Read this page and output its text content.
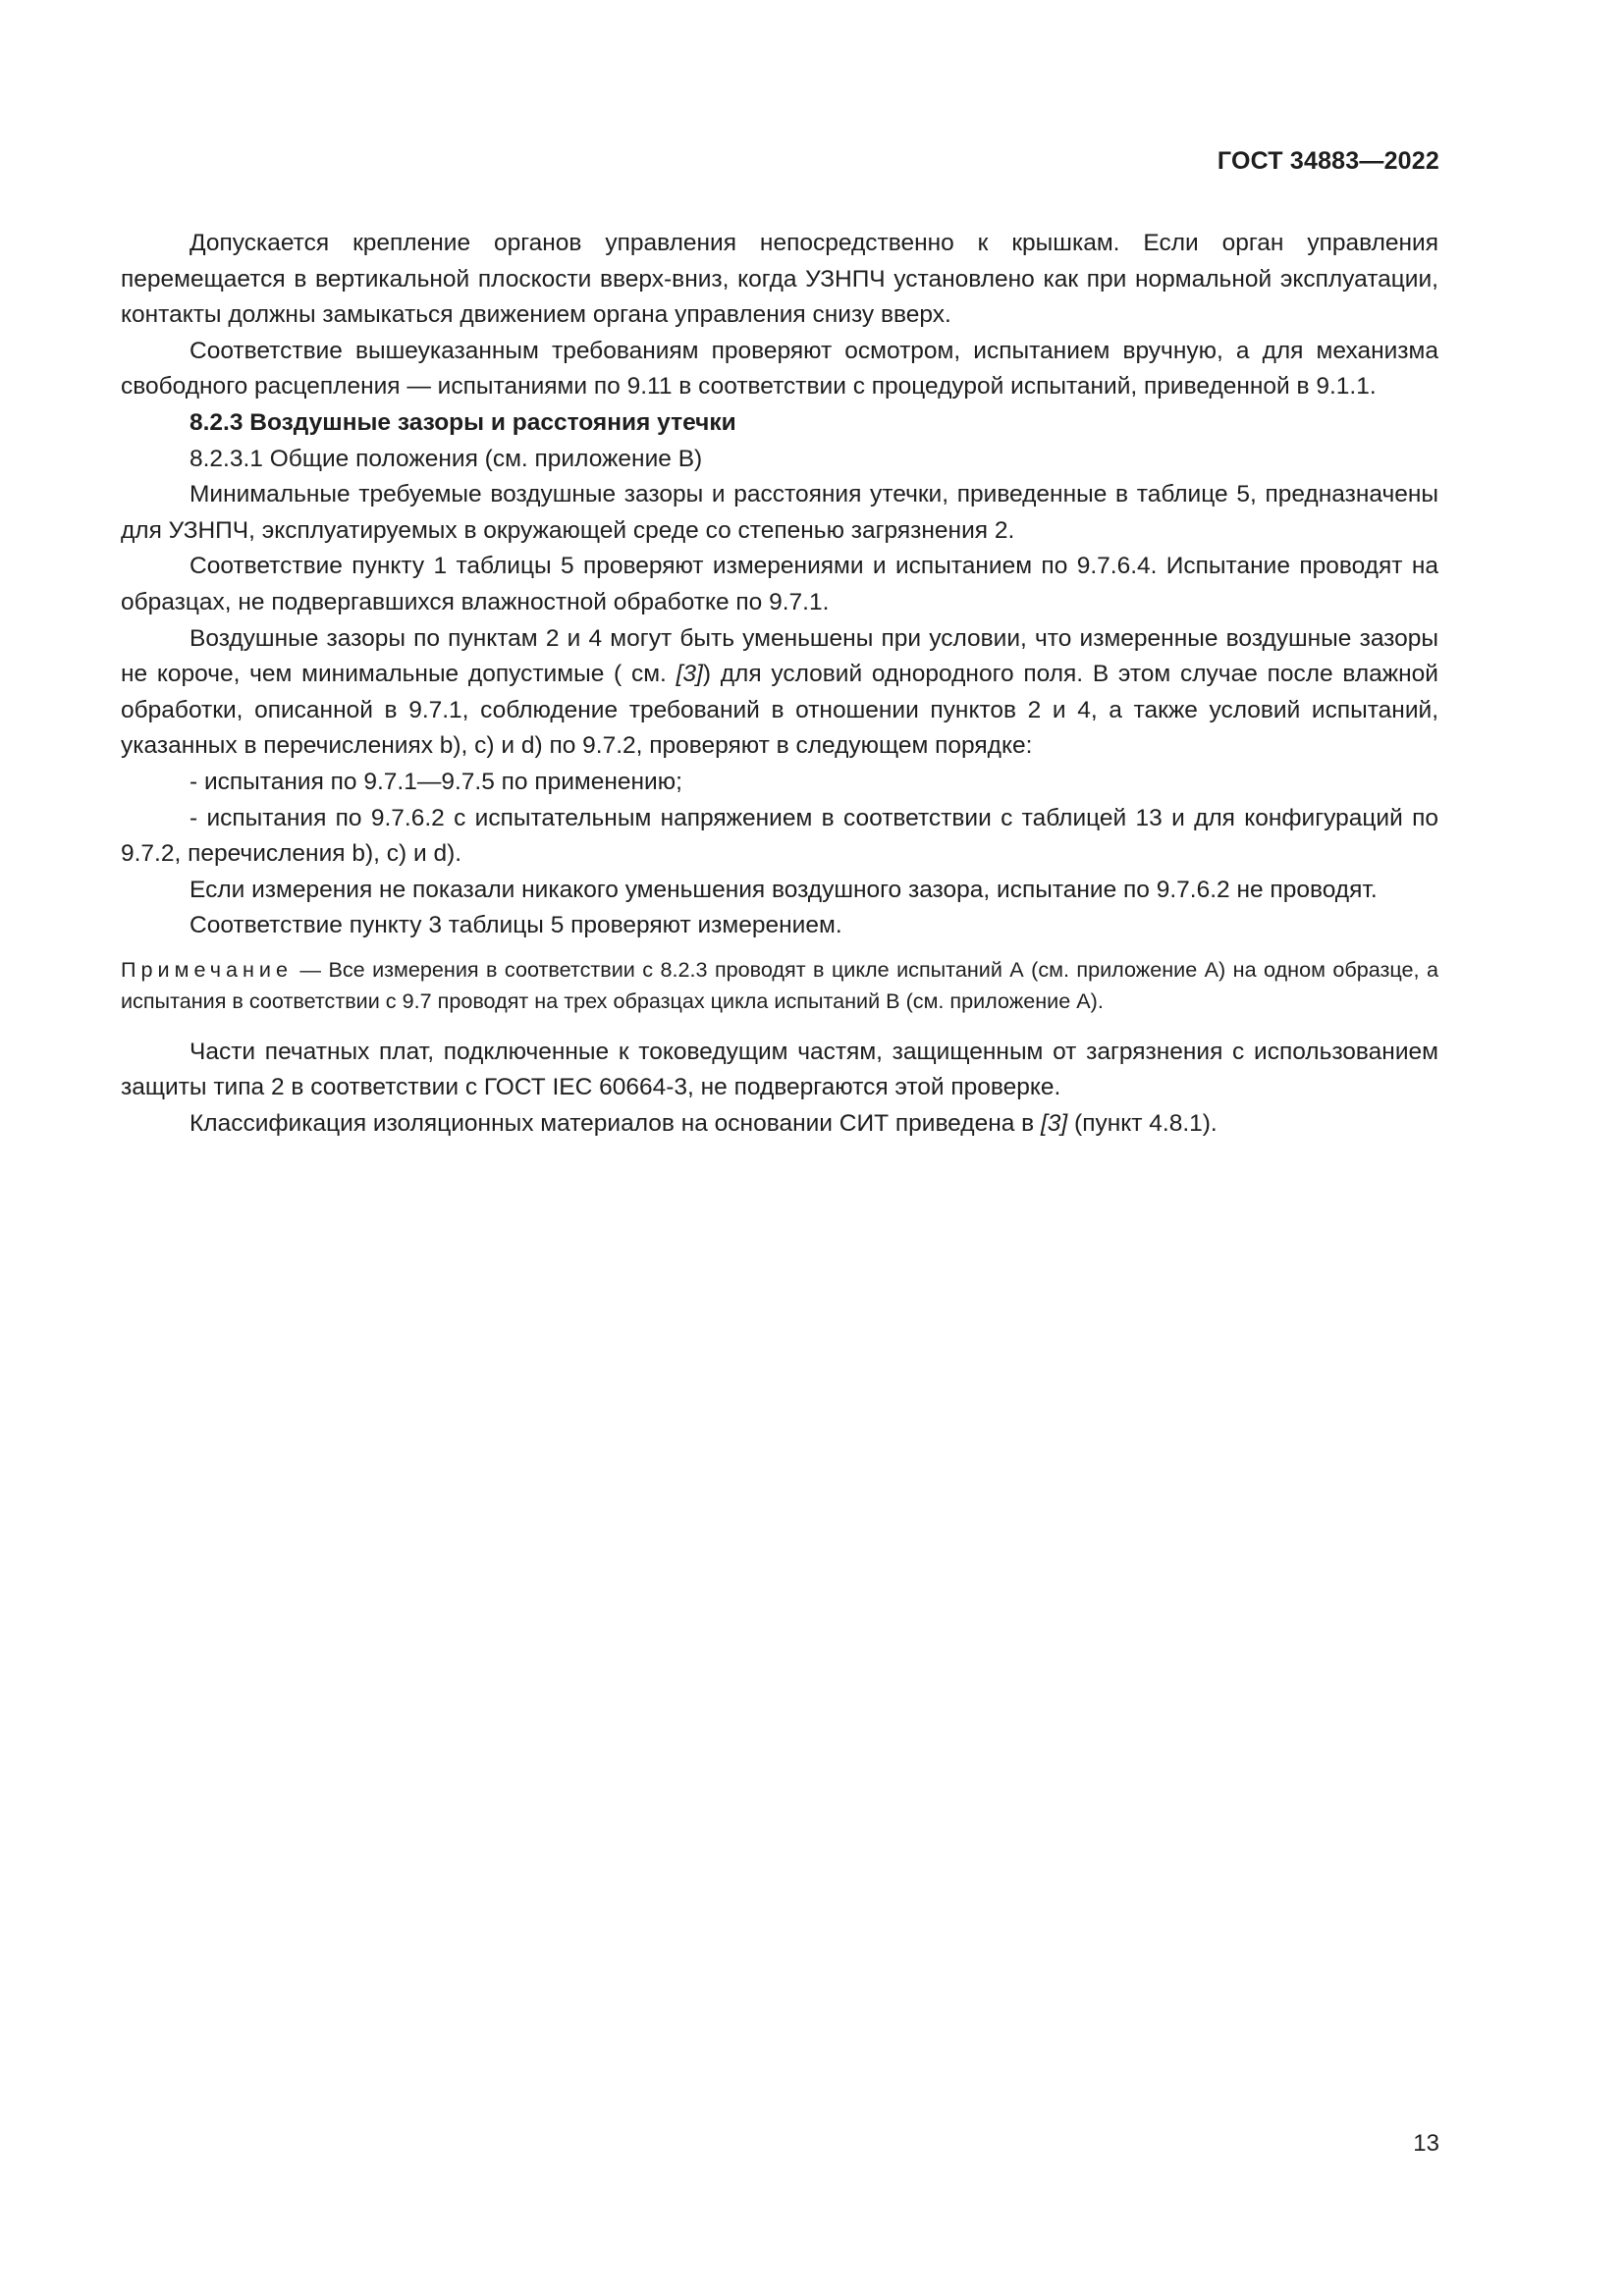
ГОСТ 34883—2022

Допускается крепление органов управления непосредственно к крышкам. Если орган управления перемещается в вертикальной плоскости вверх-вниз, когда УЗНПЧ установлено как при нормальной эксплуатации, контакты должны замыкаться движением органа управления снизу вверх.

Соответствие вышеуказанным требованиям проверяют осмотром, испытанием вручную, а для механизма свободного расцепления — испытаниями по 9.11 в соответствии с процедурой испытаний, приведенной в 9.1.1.

8.2.3 Воздушные зазоры и расстояния утечки

8.2.3.1 Общие положения (см. приложение В)

Минимальные требуемые воздушные зазоры и расстояния утечки, приведенные в таблице 5, предназначены для УЗНПЧ, эксплуатируемых в окружающей среде со степенью загрязнения 2.

Соответствие пункту 1 таблицы 5 проверяют измерениями и испытанием по 9.7.6.4. Испытание проводят на образцах, не подвергавшихся влажностной обработке по 9.7.1.

Воздушные зазоры по пунктам 2 и 4 могут быть уменьшены при условии, что измеренные воздушные зазоры не короче, чем минимальные допустимые ( см. [3]) для условий однородного поля. В этом случае после влажной обработки, описанной в 9.7.1, соблюдение требований в отношении пунктов 2 и 4, а также условий испытаний, указанных в перечислениях b), c) и d) по 9.7.2, проверяют в следующем порядке:

- испытания по 9.7.1—9.7.5 по применению;

- испытания по 9.7.6.2 с испытательным напряжением в соответствии с таблицей 13 и для конфигураций по 9.7.2, перечисления b), c) и d).

Если измерения не показали никакого уменьшения воздушного зазора, испытание по 9.7.6.2 не проводят.

Соответствие пункту 3 таблицы 5 проверяют измерением.

Примечание — Все измерения в соответствии с 8.2.3 проводят в цикле испытаний А (см. приложение А) на одном образце, а испытания в соответствии с 9.7 проводят на трех образцах цикла испытаний В (см. приложение А).

Части печатных плат, подключенные к токоведущим частям, защищенным от загрязнения с использованием защиты типа 2 в соответствии с ГОСТ IEC 60664-3, не подвергаются этой проверке.

Классификация изоляционных материалов на основании СИТ приведена в [3] (пункт 4.8.1).

13
